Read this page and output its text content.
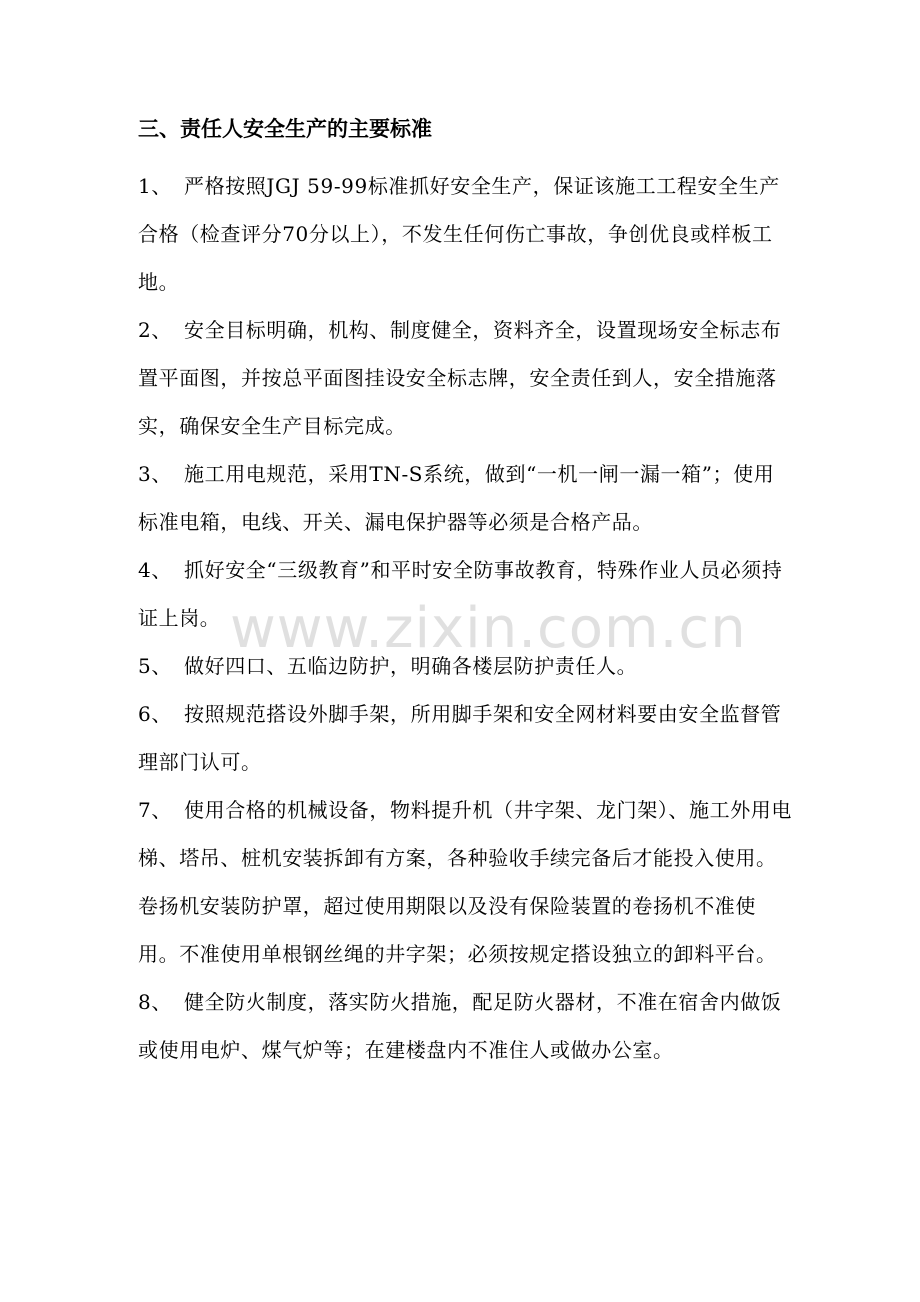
三、责任人安全生产的主要标准

1、 严格按照JGJ 59-99标准抓好安全生产，保证该施工工程安全生产合格（检查评分70分以上），不发生任何伤亡事故，争创优良或样板工地。

2、 安全目标明确，机构、制度健全，资料齐全，设置现场安全标志布置平面图，并按总平面图挂设安全标志牌，安全责任到人，安全措施落实，确保安全生产目标完成。

3、 施工用电规范，采用TN-S系统，做到“一机一闸一漏一箱”；使用标准电箱，电线、开关、漏电保护器等必须是合格产品。

4、 抓好安全“三级教育”和平时安全防事故教育，特殊作业人员必须持证上岗。

5、 做好四口、五临边防护，明确各楼层防护责任人。

6、 按照规范搭设外脚手架，所用脚手架和安全网材料要由安全监督管理部门认可。

7、 使用合格的机械设备，物料提升机（井字架、龙门架）、施工外用电梯、塔吊、桩机安装拆卸有方案，各种验收手续完备后才能投入使用。卷扬机安装防护罩，超过使用期限以及没有保险装置的卷扬机不准使用。不准使用单根钢丝绳的井字架；必须按规定搭设独立的卸料平台。

8、 健全防火制度，落实防火措施，配足防火器材，不准在宿舍内做饭或使用电炉、煤气炉等；在建楼盘内不准住人或做办公室。

www.zixin.com.cn
